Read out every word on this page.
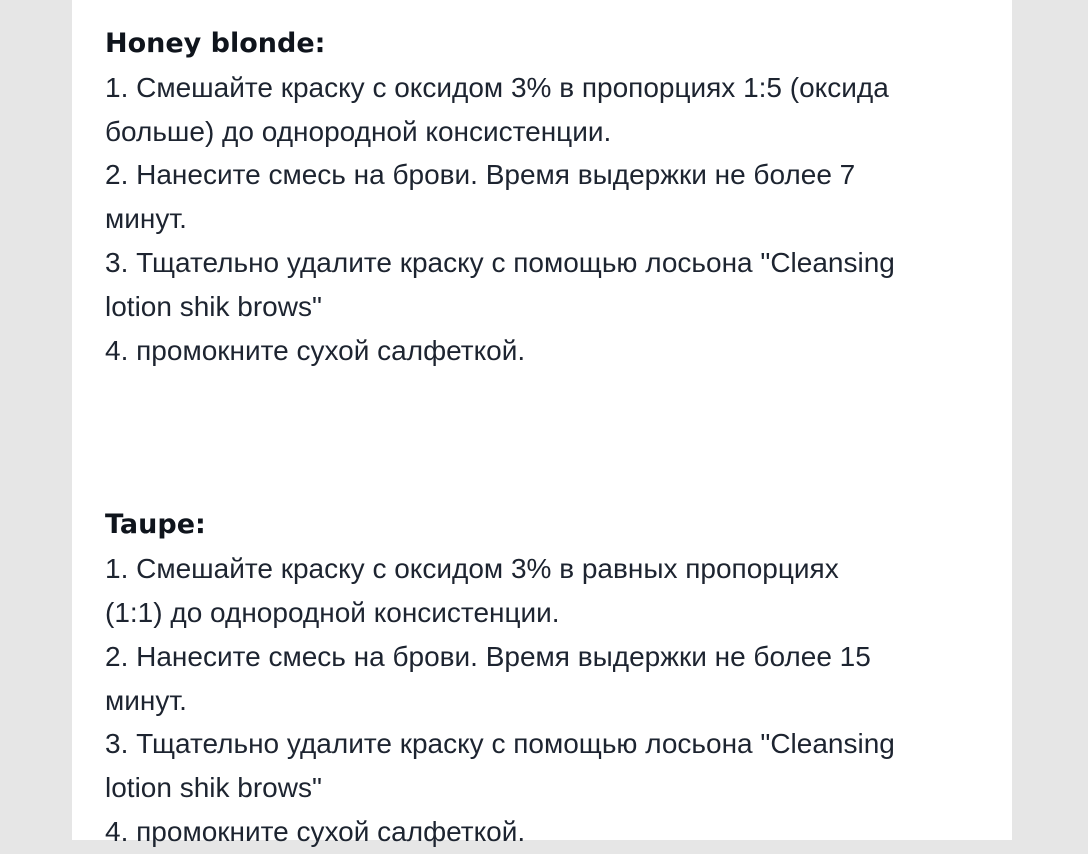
Honey blonde:

1. Смешайте краску с оксидом 3% в пропорциях 1:5 (оксида

больше) до однородной консистенции.

2. Нанесите смесь на брови. Время выдержки не более 7

минут.

3. Тщательно удалите краску с помощью лосьона "Cleansing

lotion shik brows"

4. промокните сухой салфеткой.

Taupe:

1. Смешайте краску с оксидом 3% в равных пропорциях

(1:1) до однородной консистенции.

2. Нанесите смесь на брови. Время выдержки не более 15

минут.

3. Тщательно удалите краску с помощью лосьона "Cleansing

lotion shik brows"

4. промокните сухой салфеткой.
